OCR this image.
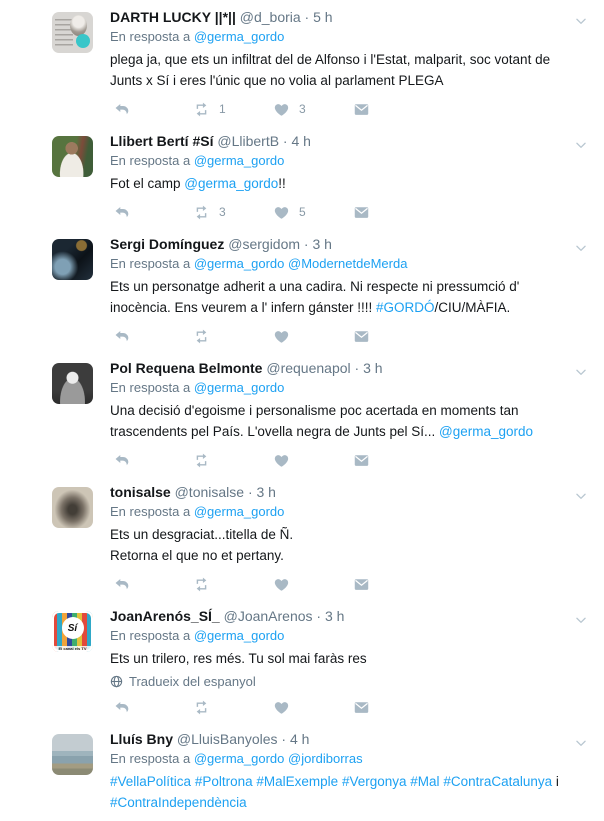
DARTH LUCKY ||*|| @d_boria · 5 h
En resposta a @germa_gordo

plega ja, que ets un infiltrat del de Alfonso i l'Estat, malparit, soc votant de Junts x Sí i eres l'únic que no volia al parlament PLEGA

1	3
Llibert Bertí #Sí @LlibertB · 4 h
En resposta a @germa_gordo

Fot el camp @germa_gordo!!

3	5
Sergi Domínguez @sergidom · 3 h
En resposta a @germa_gordo @ModernetdeMerda

Ets un personatge adherit a una cadira. Ni respecte ni pressumció d' inocència. Ens veurem a l' infern gánster !!!! #GORDÓ/CIU/MÀFIA.

Pol Requena Belmonte @requenapol · 3 h
En resposta a @germa_gordo

Una decisió d'egoisme i personalisme poc acertada en moments tan trascendents pel País. L'ovella negra de Junts pel Sí... @germa_gordo

tonisalse @tonisalse · 3 h
En resposta a @germa_gordo

Ets un desgraciat...titella de Ñ.
Retorna el que no et pertany.

Sí
El canal els TV
JoanArenós_SÍ_ @JoanArenos · 3 h
En resposta a @germa_gordo

Ets un trilero, res més. Tu sol mai faràs res

Tradueix del espanyol
Lluís Bny @LluisBanyoles · 4 h
En resposta a @germa_gordo @jordiborras

#VellaPolítica #Poltrona #MalExemple #Vergonya #Mal #ContraCatalunya i #ContraIndependència
